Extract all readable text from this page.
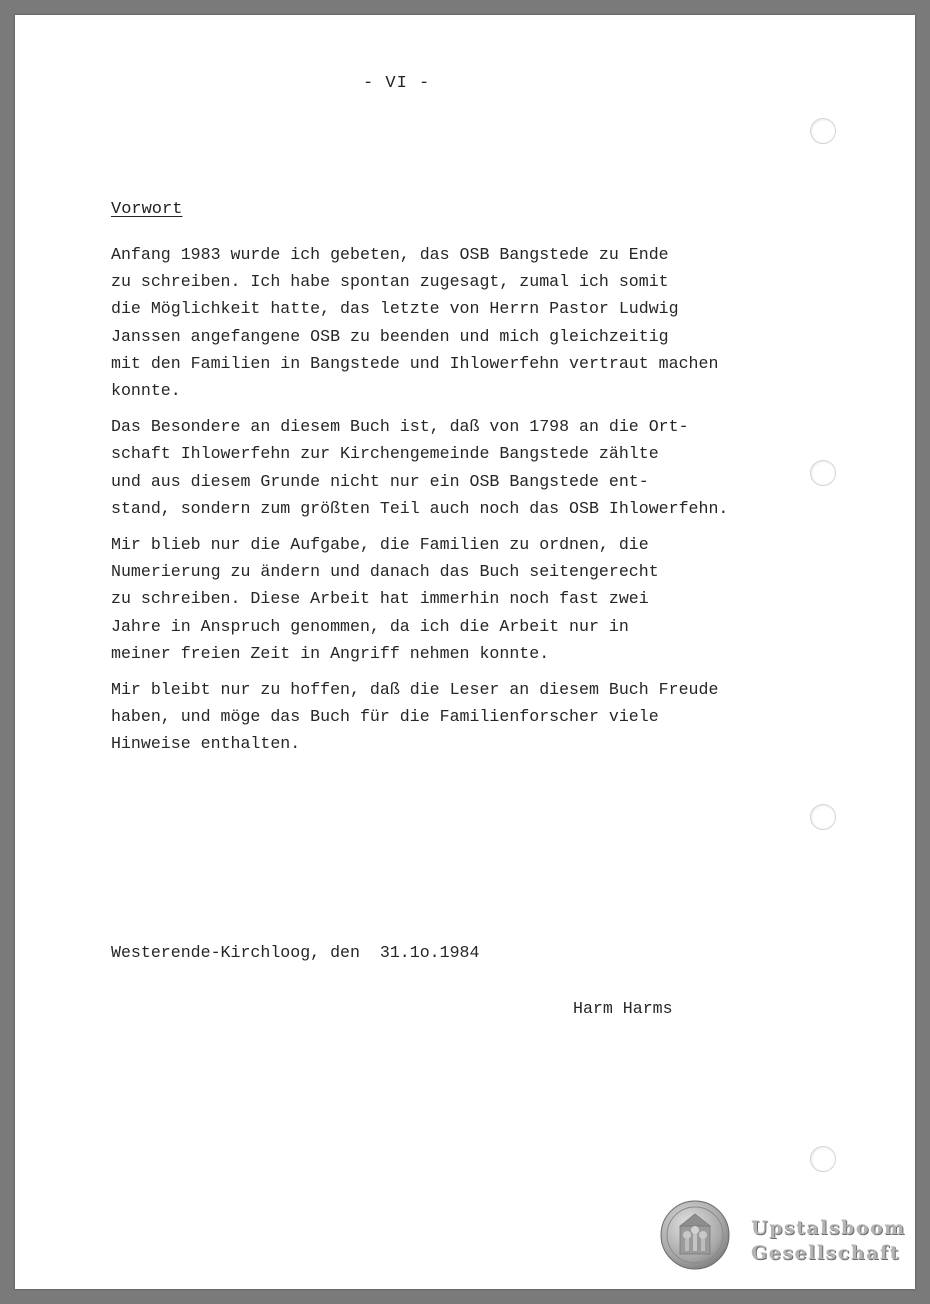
- VI -
Vorwort
Anfang 1983 wurde ich gebeten, das OSB Bangstede zu Ende
zu schreiben. Ich habe spontan zugesagt, zumal ich somit
die Möglichkeit hatte, das letzte von Herrn Pastor Ludwig
Janssen angefangene OSB zu beenden und mich gleichzeitig
mit den Familien in Bangstede und Ihlowerfehn vertraut machen
konnte.
Das Besondere an diesem Buch ist, daß von 1798 an die Ort-
schaft Ihlowerfehn zur Kirchengemeinde Bangstede zählte
und aus diesem Grunde nicht nur ein OSB Bangstede ent-
stand, sondern zum größten Teil auch noch das OSB Ihlowerfehn.
Mir blieb nur die Aufgabe, die Familien zu ordnen, die
Numerierung zu ändern und danach das Buch seitengerecht
zu schreiben. Diese Arbeit hat immerhin noch fast zwei
Jahre in Anspruch genommen, da ich die Arbeit nur in
meiner freien Zeit in Angriff nehmen konnte.
Mir bleibt nur zu hoffen, daß die Leser an diesem Buch Freude
haben, und möge das Buch für die Familienforscher viele
Hinweise enthalten.
Westerende-Kirchloog, den  31.1o.1984
Harm Harms
Upstalsboom
Gesellschaft
